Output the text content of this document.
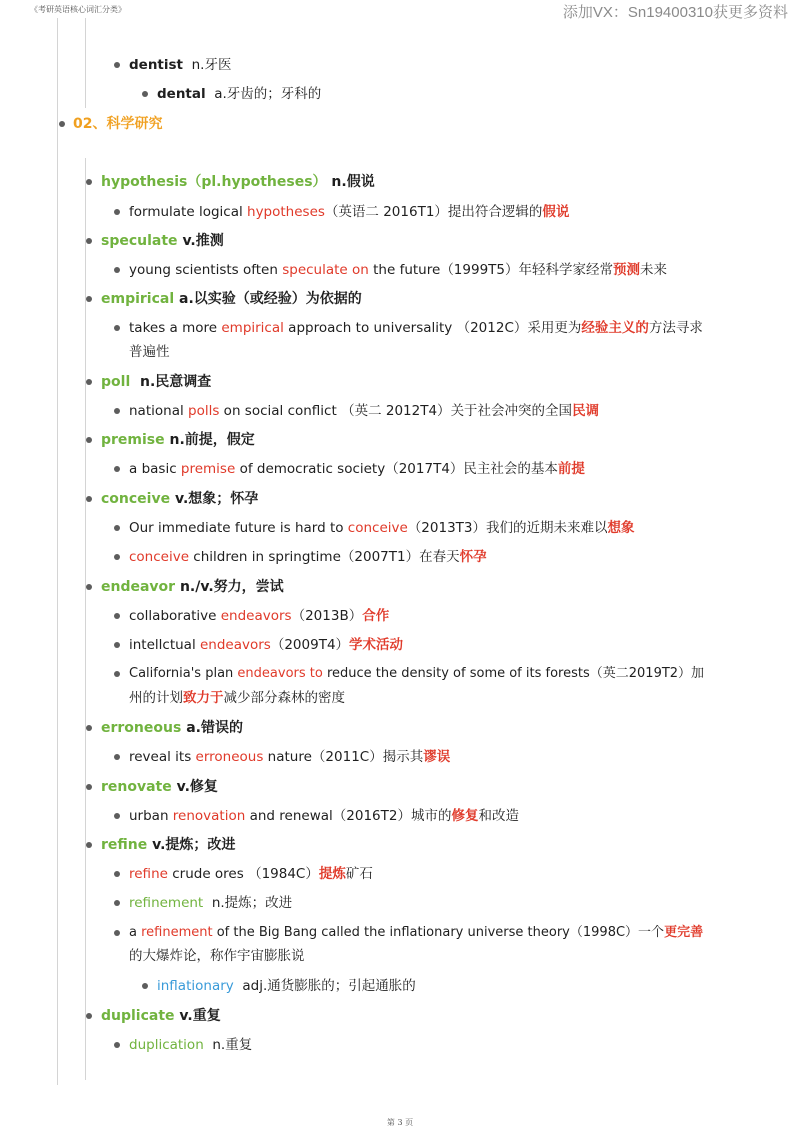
《考研英语核心词汇分类》	添加VX：Sn19400310获更多资料
dentist n.牙医
dental a.牙齿的；牙科的
02、科学研究
hypothesis（pl.hypotheses） n.假说
formulate logical hypotheses（英语二 2016T1）提出符合逻辑的假说
speculate v.推测
young scientists often speculate on the future（1999T5）年轻科学家经常预测未来
empirical a.以实验（或经验）为依据的
takes a more empirical approach to universality （2012C）采用更为经验主义的方法寻求
普遍性
poll n.民意调查
national polls on social conflict （英二 2012T4）关于社会冲突的全国民调
premise n.前提，假定
a basic premise of democratic society（2017T4）民主社会的基本前提
conceive v.想象；怀孕
Our immediate future is hard to conceive（2013T3）我们的近期未来难以想象
conceive children in springtime（2007T1）在春天怀孕
endeavor n./v.努力，尝试
collaborative endeavors（2013B）合作
intellctual endeavors（2009T4）学术活动
California's plan endeavors to reduce the density of some of its forests（英二2019T2）加
州的计划致力于减少部分森林的密度
erroneous a.错误的
reveal its erroneous nature（2011C）揭示其谬误
renovate v.修复
urban renovation and renewal（2016T2）城市的修复和改造
refine v.提炼；改进
refine crude ores （1984C）提炼矿石
refinement n.提炼；改进
a refinement of the Big Bang called the inflationary universe theory（1998C）一个更完善
的大爆炸论，称作宇宙膨胀说
inflationary adj.通货膨胀的；引起通胀的
duplicate v.重复
duplication n.重复
第 3 页
